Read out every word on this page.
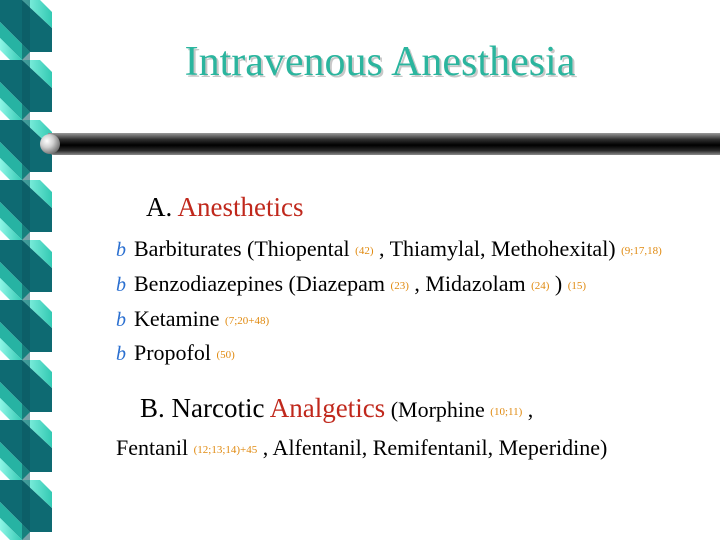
Intravenous Anesthesia
A. Anesthetics
b Barbiturates (Thiopental (42) , Thiamylal, Methohexital) (9;17,18)
b Benzodiazepines (Diazepam (23) , Midazolam (24) ) (15)
b Ketamine (7;20+48)
b Propofol (50)
B. Narcotic Analgetics (Morphine (10;11) ,
Fentanil (12;13;14)+45 , Alfentanil, Remifentanil, Meperidine)
